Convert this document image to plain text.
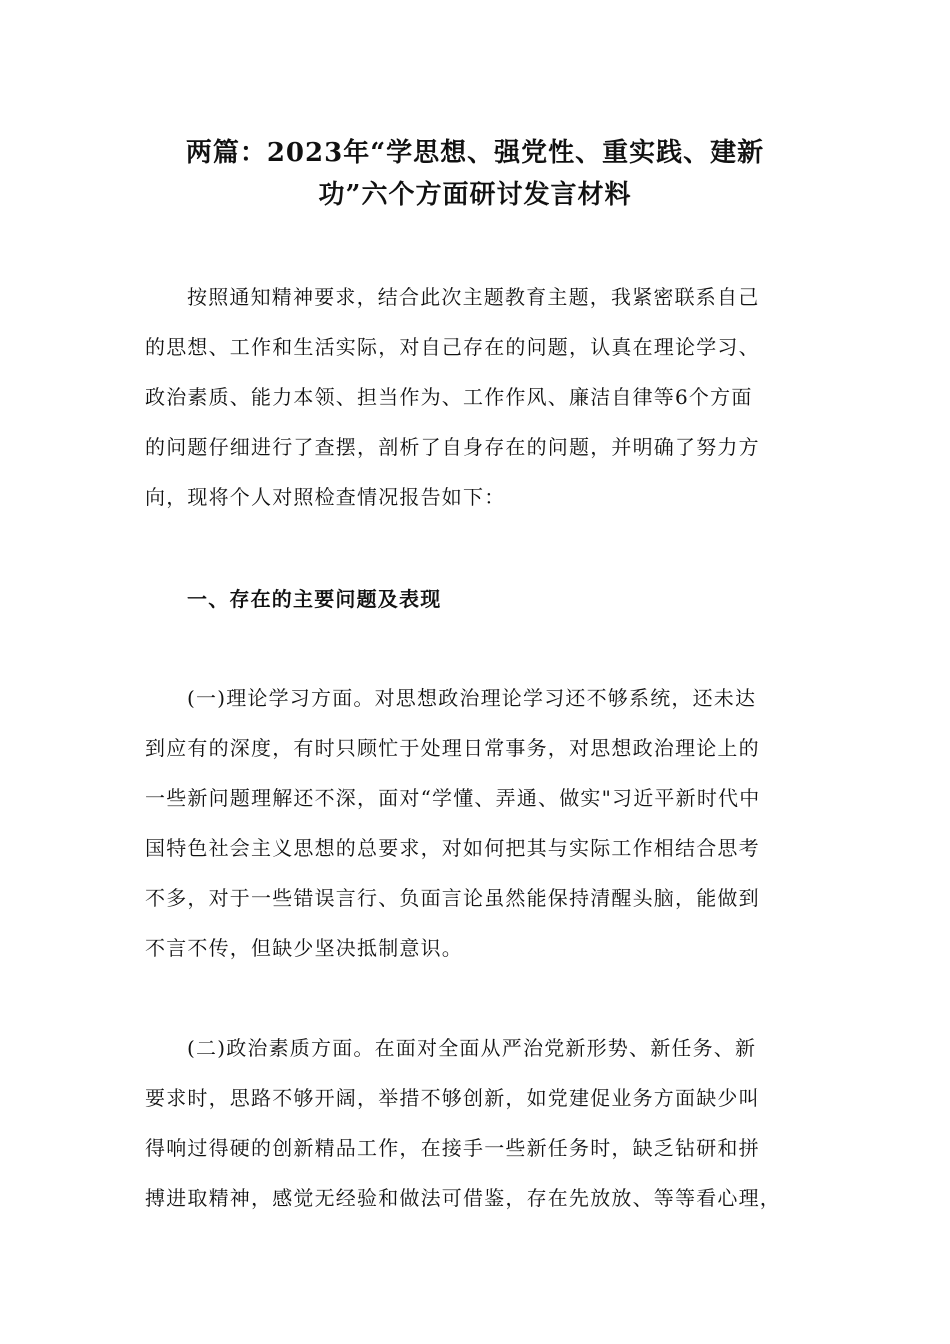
两篇：2023年“学思想、强党性、重实践、建新
功”六个方面研讨发言材料
按照通知精神要求，结合此次主题教育主题，我紧密联系自己
的思想、工作和生活实际，对自己存在的问题，认真在理论学习、
政治素质、能力本领、担当作为、工作作风、廉洁自律等6个方面
的问题仔细进行了查摆，剖析了自身存在的问题，并明确了努力方
向，现将个人对照检查情况报告如下：
一、存在的主要问题及表现
(一)理论学习方面。对思想政治理论学习还不够系统，还未达
到应有的深度，有时只顾忙于处理日常事务，对思想政治理论上的
一些新问题理解还不深，面对“学懂、弄通、做实"习近平新时代中
国特色社会主义思想的总要求，对如何把其与实际工作相结合思考
不多，对于一些错误言行、负面言论虽然能保持清醒头脑，能做到
不言不传，但缺少坚决抵制意识。
(二)政治素质方面。在面对全面从严治党新形势、新任务、新
要求时，思路不够开阔，举措不够创新，如党建促业务方面缺少叫
得响过得硬的创新精品工作，在接手一些新任务时，缺乏钻研和拼
搏进取精神，感觉无经验和做法可借鉴，存在先放放、等等看心理，
